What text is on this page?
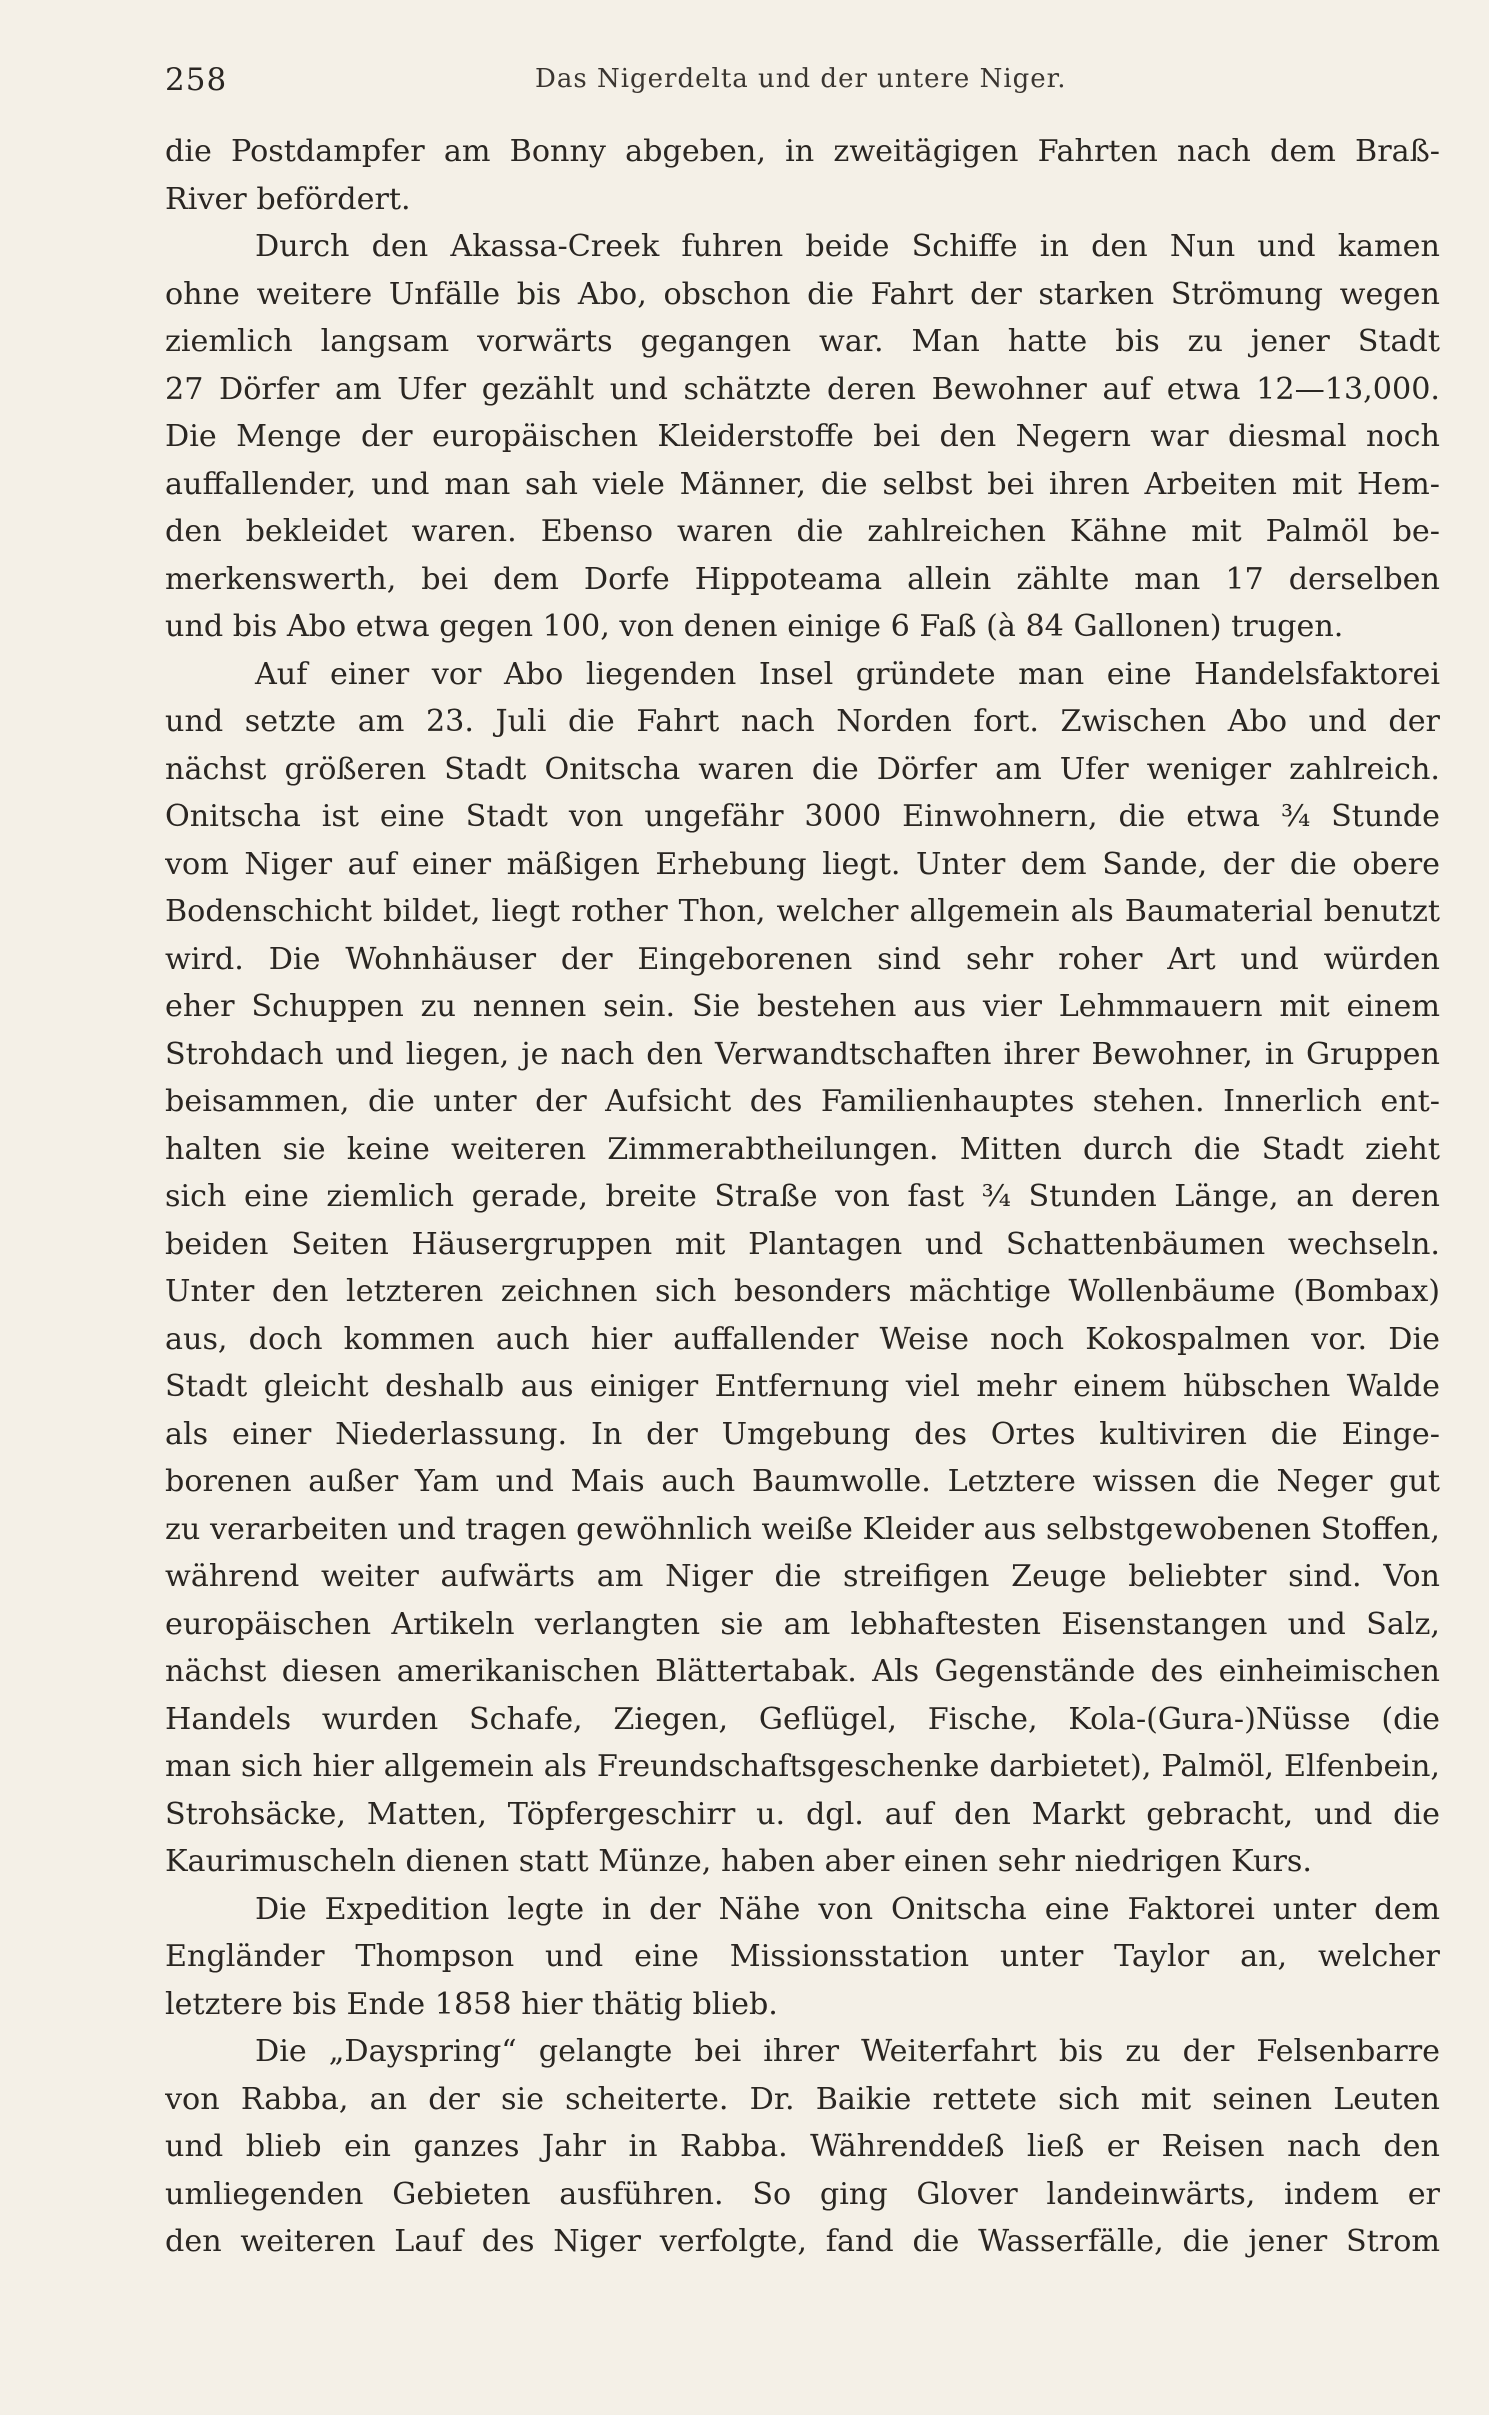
258	Das Nigerdelta und der untere Niger.
die Postdampfer am Bonny abgeben, in zweitägigen Fahrten nach dem Braß-
River befördert.
Durch den Akassa-Creek fuhren beide Schiffe in den Nun und kamen
ohne weitere Unfälle bis Abo, obschon die Fahrt der starken Strömung wegen
ziemlich langsam vorwärts gegangen war. Man hatte bis zu jener Stadt
27 Dörfer am Ufer gezählt und schätzte deren Bewohner auf etwa 12—13,000.
Die Menge der europäischen Kleiderstoffe bei den Negern war diesmal noch
auffallender, und man sah viele Männer, die selbst bei ihren Arbeiten mit Hem-
den bekleidet waren. Ebenso waren die zahlreichen Kähne mit Palmöl be-
merkenswerth, bei dem Dorfe Hippoteama allein zählte man 17 derselben
und bis Abo etwa gegen 100, von denen einige 6 Faß (à 84 Gallonen) trugen.
Auf einer vor Abo liegenden Insel gründete man eine Handelsfaktorei
und setzte am 23. Juli die Fahrt nach Norden fort. Zwischen Abo und der
nächst größeren Stadt Onitscha waren die Dörfer am Ufer weniger zahlreich.
Onitscha ist eine Stadt von ungefähr 3000 Einwohnern, die etwa ¾ Stunde
vom Niger auf einer mäßigen Erhebung liegt. Unter dem Sande, der die obere
Bodenschicht bildet, liegt rother Thon, welcher allgemein als Baumaterial benutzt
wird. Die Wohnhäuser der Eingeborenen sind sehr roher Art und würden
eher Schuppen zu nennen sein. Sie bestehen aus vier Lehmmauern mit einem
Strohdach und liegen, je nach den Verwandtschaften ihrer Bewohner, in Gruppen
beisammen, die unter der Aufsicht des Familienhauptes stehen. Innerlich ent-
halten sie keine weiteren Zimmerabtheilungen. Mitten durch die Stadt zieht
sich eine ziemlich gerade, breite Straße von fast ¾ Stunden Länge, an deren
beiden Seiten Häusergruppen mit Plantagen und Schattenbäumen wechseln.
Unter den letzteren zeichnen sich besonders mächtige Wollenbäume (Bombax)
aus, doch kommen auch hier auffallender Weise noch Kokospalmen vor. Die
Stadt gleicht deshalb aus einiger Entfernung viel mehr einem hübschen Walde
als einer Niederlassung. In der Umgebung des Ortes kultiviren die Einge-
borenen außer Yam und Mais auch Baumwolle. Letztere wissen die Neger gut
zu verarbeiten und tragen gewöhnlich weiße Kleider aus selbstgewobenen Stoffen,
während weiter aufwärts am Niger die streifigen Zeuge beliebter sind. Von
europäischen Artikeln verlangten sie am lebhaftesten Eisenstangen und Salz,
nächst diesen amerikanischen Blättertabak. Als Gegenstände des einheimischen
Handels wurden Schafe, Ziegen, Geflügel, Fische, Kola-(Gura-)Nüsse (die
man sich hier allgemein als Freundschaftsgeschenke darbietet), Palmöl, Elfenbein,
Strohsäcke, Matten, Töpfergeschirr u. dgl. auf den Markt gebracht, und die
Kaurimuscheln dienen statt Münze, haben aber einen sehr niedrigen Kurs.
Die Expedition legte in der Nähe von Onitscha eine Faktorei unter dem
Engländer Thompson und eine Missionsstation unter Taylor an, welcher
letztere bis Ende 1858 hier thätig blieb.
Die „Dayspring“ gelangte bei ihrer Weiterfahrt bis zu der Felsenbarre
von Rabba, an der sie scheiterte. Dr. Baikie rettete sich mit seinen Leuten
und blieb ein ganzes Jahr in Rabba. Währenddeß ließ er Reisen nach den
umliegenden Gebieten ausführen. So ging Glover landeinwärts, indem er
den weiteren Lauf des Niger verfolgte, fand die Wasserfälle, die jener Strom
